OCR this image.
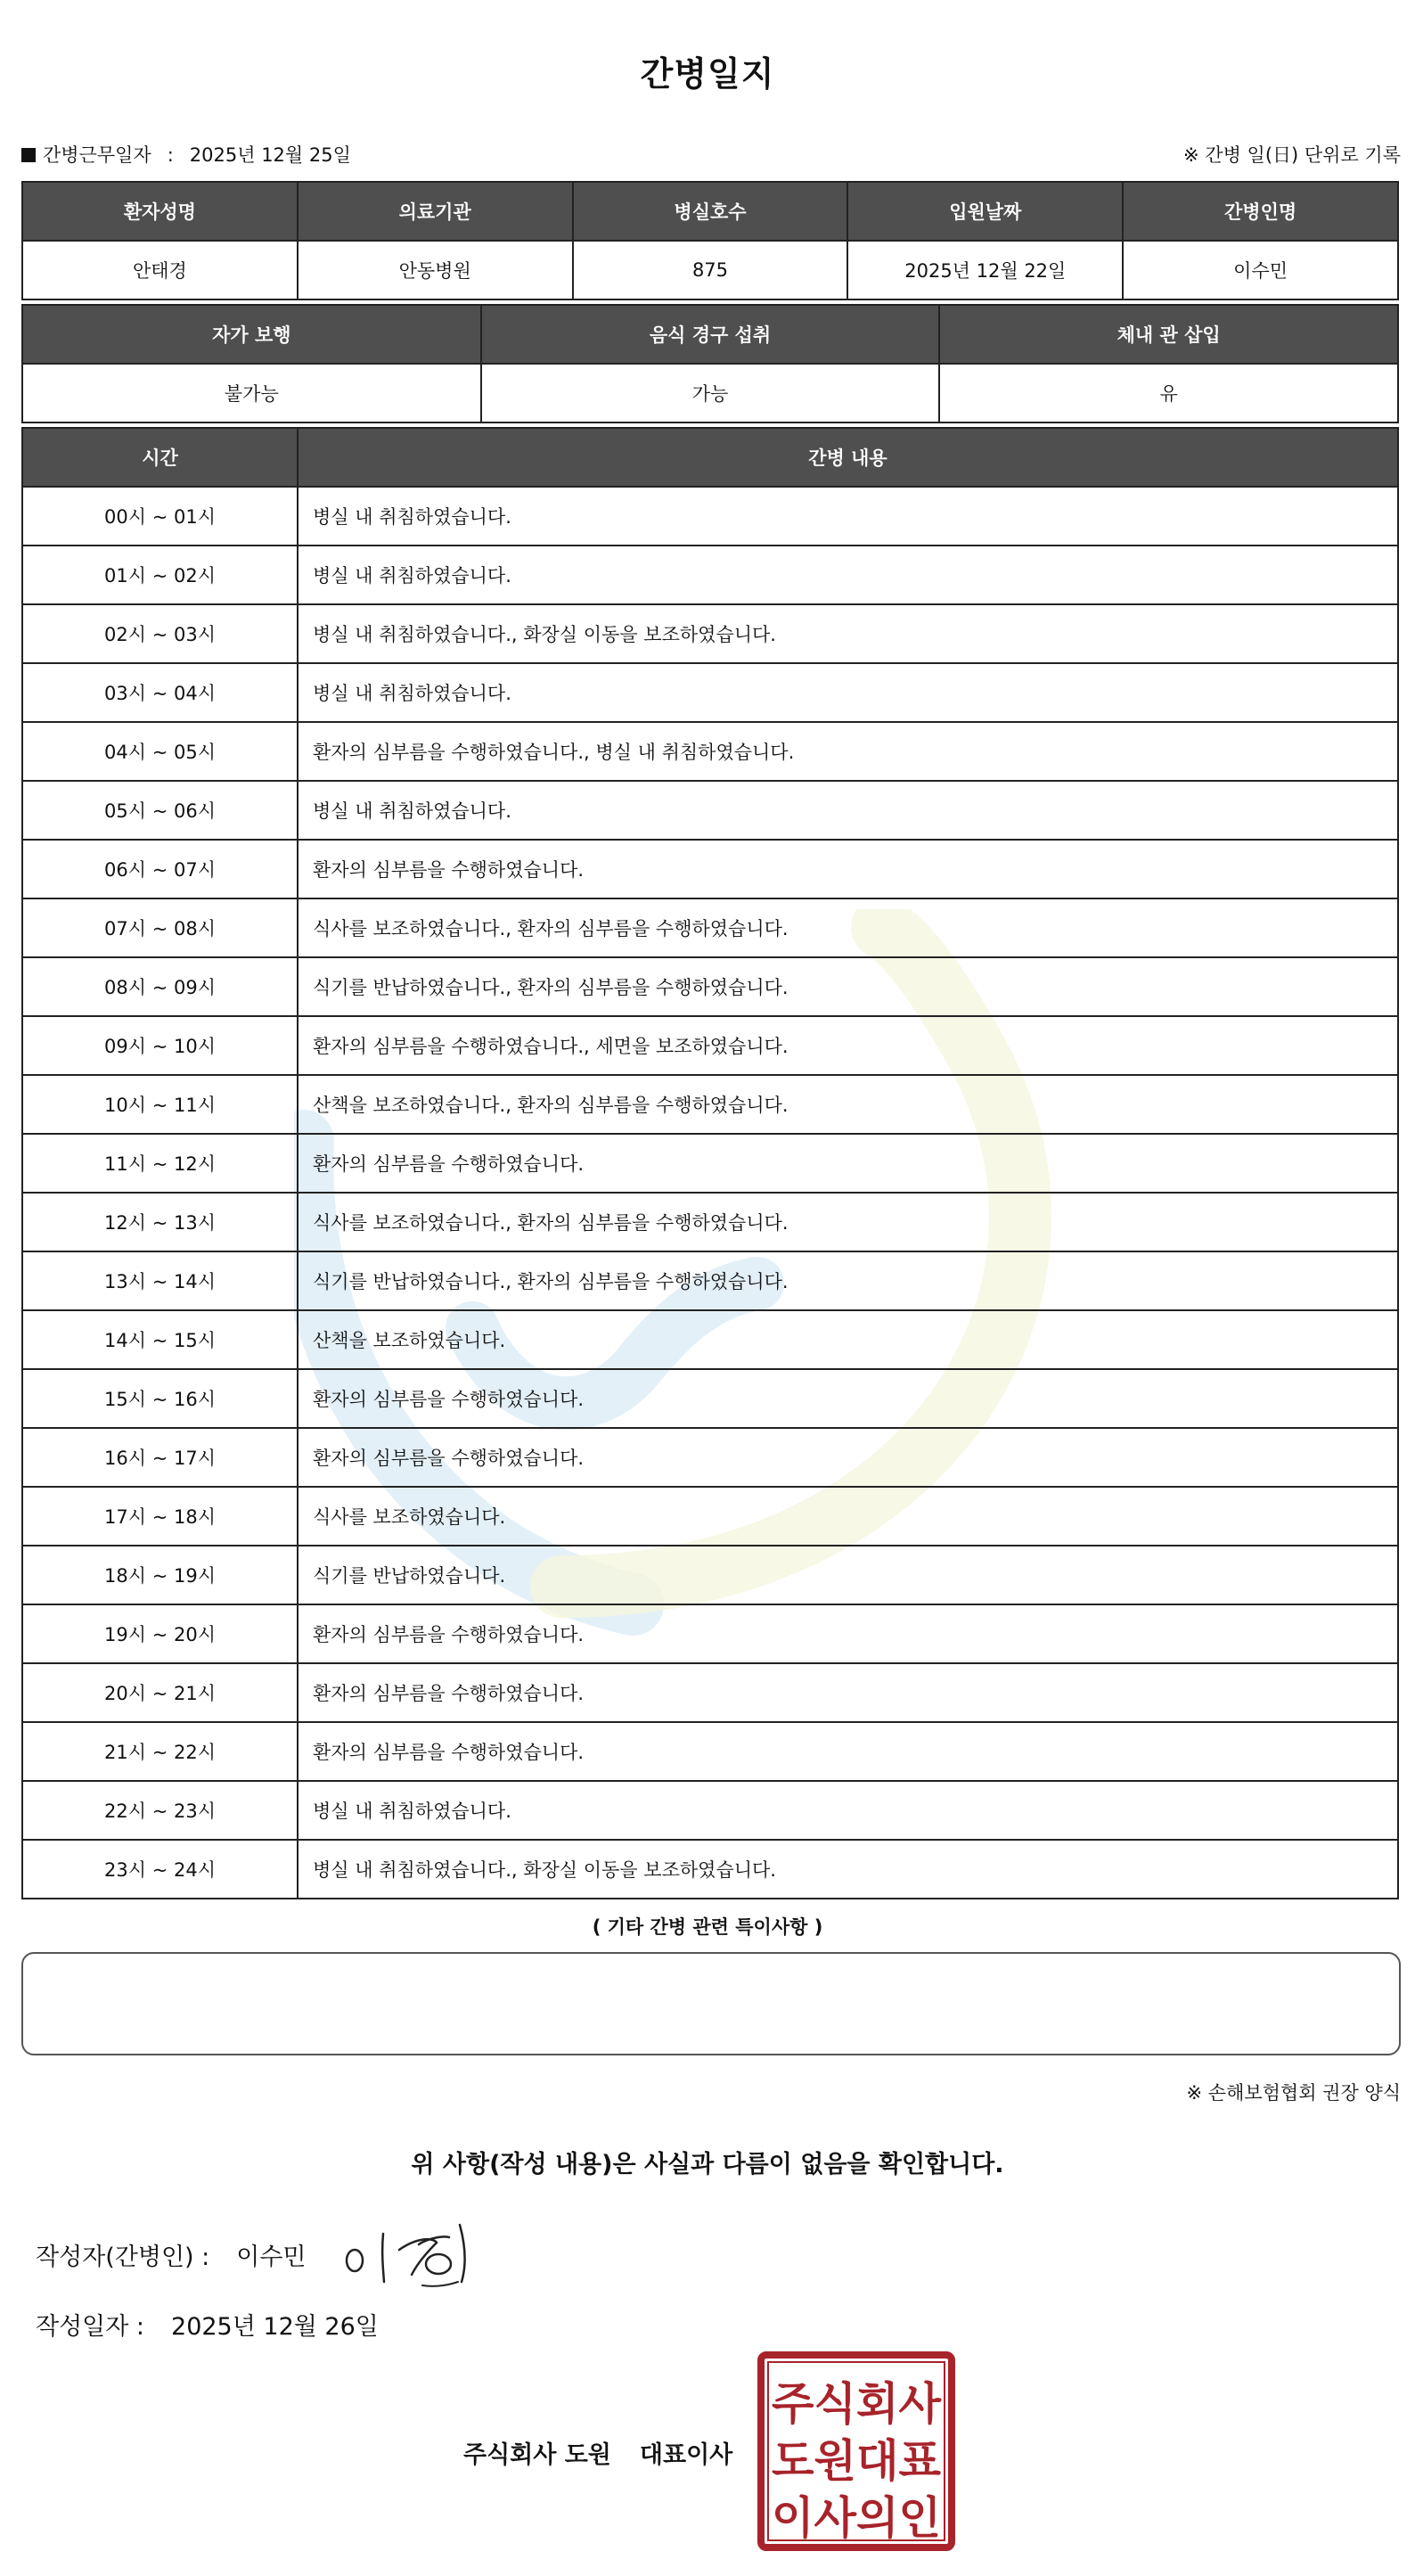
간병일지
간병근무일자 : 2025년 12월 25일	※ 간병 일(日) 단위로 기록
환자성명	의료기관	병실호수	입원날짜	간병인명
안태경	안동병원	875	2025년 12월 22일	이수민
자가 보행	음식 경구 섭취	체내 관 삽입
불가능	가능	유
시간	간병 내용
00시 ~ 01시	병실 내 취침하였습니다.
01시 ~ 02시	병실 내 취침하였습니다.
02시 ~ 03시	병실 내 취침하였습니다., 화장실 이동을 보조하였습니다.
03시 ~ 04시	병실 내 취침하였습니다.
04시 ~ 05시	환자의 심부름을 수행하였습니다., 병실 내 취침하였습니다.
05시 ~ 06시	병실 내 취침하였습니다.
06시 ~ 07시	환자의 심부름을 수행하였습니다.
07시 ~ 08시	식사를 보조하였습니다., 환자의 심부름을 수행하였습니다.
08시 ~ 09시	식기를 반납하였습니다., 환자의 심부름을 수행하였습니다.
09시 ~ 10시	환자의 심부름을 수행하였습니다., 세면을 보조하였습니다.
10시 ~ 11시	산책을 보조하였습니다., 환자의 심부름을 수행하였습니다.
11시 ~ 12시	환자의 심부름을 수행하였습니다.
12시 ~ 13시	식사를 보조하였습니다., 환자의 심부름을 수행하였습니다.
13시 ~ 14시	식기를 반납하였습니다., 환자의 심부름을 수행하였습니다.
14시 ~ 15시	산책을 보조하였습니다.
15시 ~ 16시	환자의 심부름을 수행하였습니다.
16시 ~ 17시	환자의 심부름을 수행하였습니다.
17시 ~ 18시	식사를 보조하였습니다.
18시 ~ 19시	식기를 반납하였습니다.
19시 ~ 20시	환자의 심부름을 수행하였습니다.
20시 ~ 21시	환자의 심부름을 수행하였습니다.
21시 ~ 22시	환자의 심부름을 수행하였습니다.
22시 ~ 23시	병실 내 취침하였습니다.
23시 ~ 24시	병실 내 취침하였습니다., 화장실 이동을 보조하였습니다.
( 기타 간병 관련 특이사항 )
※ 손해보험협회 권장 양식
위 사항(작성 내용)은 사실과 다름이 없음을 확인합니다.
작성자(간병인) : 이수민
작성일자 : 2025년 12월 26일
주식회사 도원 대표이사
주식회사
도원대표
이사의인
